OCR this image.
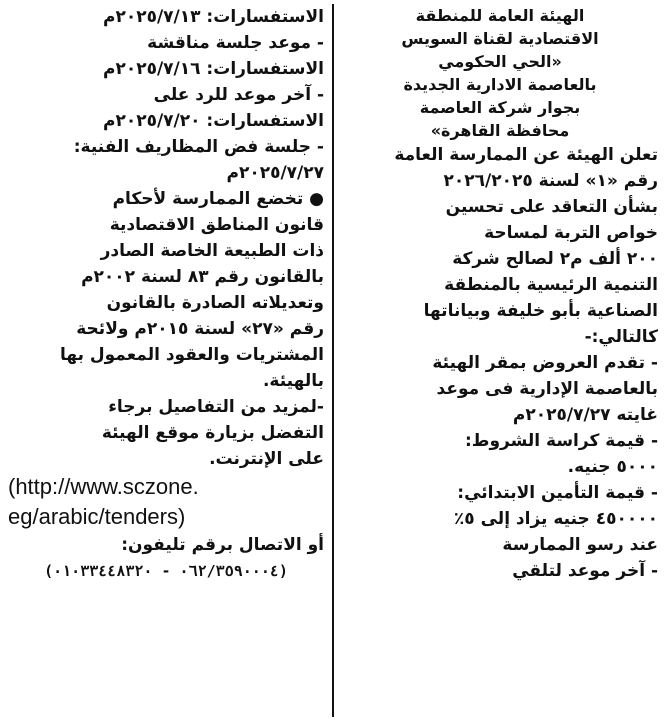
الاستفسارات: ٢٠٢٥/٧/١٣م
- موعد جلسة مناقشة
الاستفسارات: ٢٠٢٥/٧/١٦م
- آخر موعد للرد على
الاستفسارات: ٢٠٢٥/٧/٢٠م
- جلسة فض المظاريف الفنية:
٢٠٢٥/٧/٢٧م
● تخضع الممارسة لأحكام
قانون المناطق الاقتصادية
ذات الطبيعة الخاصة الصادر
بالقانون رقم ٨٣ لسنة ٢٠٠٢م
وتعديلاته الصادرة بالقانون
رقم «٢٧» لسنة ٢٠١٥م ولائحة
المشتريات والعقود المعمول بها
بالهيئة.
-لمزيد من التفاصيل برجاء
التفضل بزيارة موقع الهيئة
على الإنترنت.
(http://www.sczone.
eg/arabic/tenders)
أو الاتصال برقم تليفون:
(٠٦٢/٣٥٩٠٠٠٤ - ٠١٠٣٣٤٤٨٣٢٠)
الهيئة العامة للمنطقة
الاقتصادية لقناة السويس
«الحي الحكومي
بالعاصمة الادارية الجديدة
بجوار شركة العاصمة
محافظة القاهرة»
تعلن الهيئة عن الممارسة العامة
رقم «١» لسنة ٢٠٢٦/٢٠٢٥
بشأن التعاقد على تحسين
خواص التربة لمساحة
٢٠٠ ألف م٢ لصالح شركة
التنمية الرئيسية بالمنطقة
الصناعية بأبو خليفة وبياناتها
كالتالي:-
- تقدم العروض بمقر الهيئة
بالعاصمة الإدارية فى موعد
غايته ٢٠٢٥/٧/٢٧م
- قيمة كراسة الشروط:
٥٠٠٠ جنيه.
- قيمة التأمين الابتدائي:
٤٥٠٠٠٠ جنيه يزاد إلى ٥٪
عند رسو الممارسة
- آخر موعد لتلقي
